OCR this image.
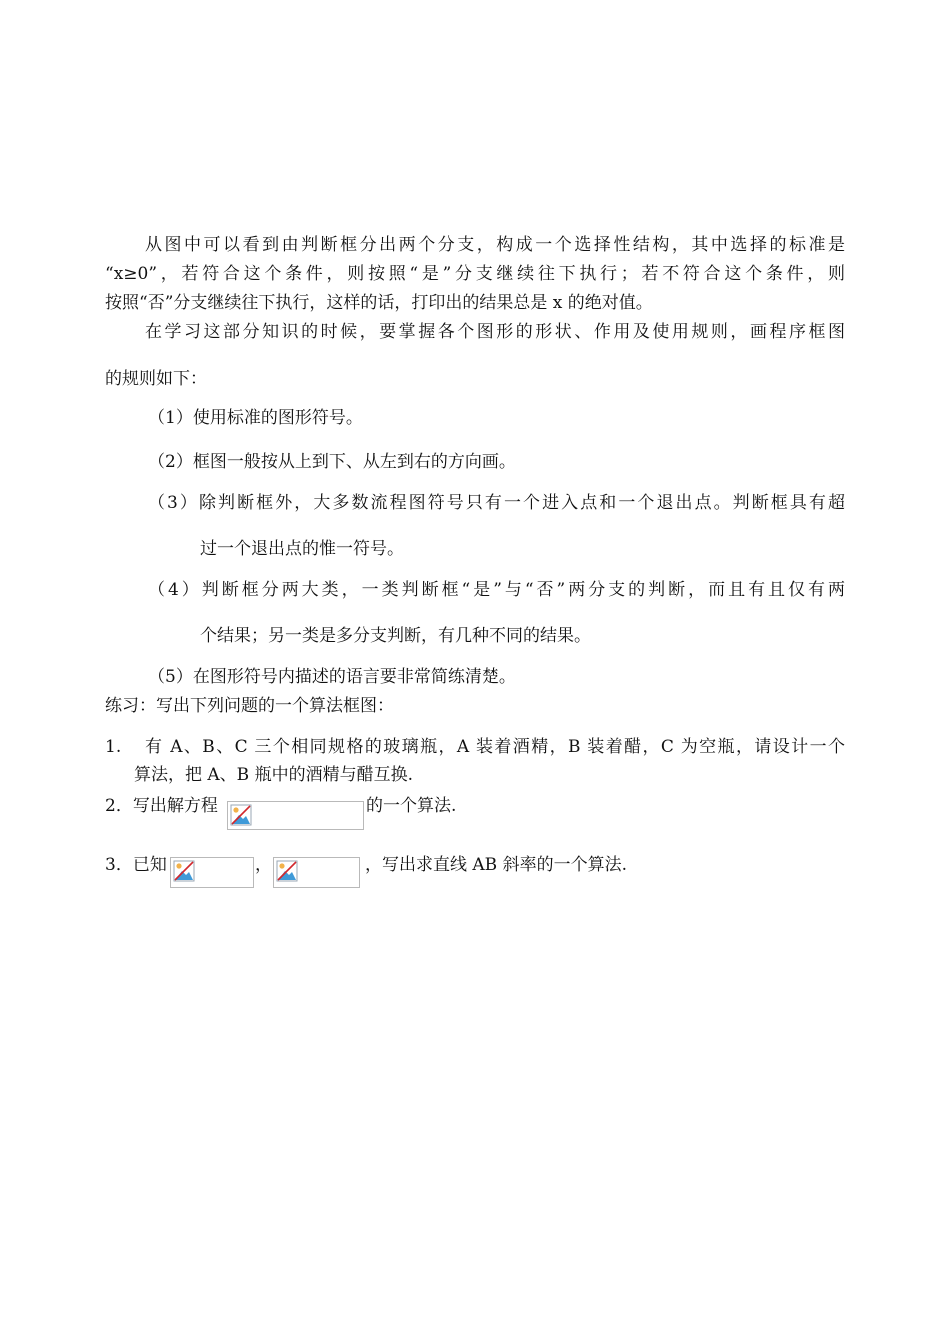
从图中可以看到由判断框分出两个分支，构成一个选择性结构，其中选择的标准是
“x≥0”，若符合这个条件，则按照“是”分支继续往下执行；若不符合这个条件，则
按照“否”分支继续往下执行，这样的话，打印出的结果总是 x 的绝对值。
在学习这部分知识的时候，要掌握各个图形的形状、作用及使用规则，画程序框图
的规则如下：
（1）使用标准的图形符号。
（2）框图一般按从上到下、从左到右的方向画。
（3）除判断框外，大多数流程图符号只有一个进入点和一个退出点。判断框具有超
过一个退出点的惟一符号。
（4）判断框分两大类，一类判断框“是”与“否”两分支的判断，而且有且仅有两
个结果；另一类是多分支判断，有几种不同的结果。
（5）在图形符号内描述的语言要非常简练清楚。
练习：写出下列问题的一个算法框图：
1. 有 A、B、C 三个相同规格的玻璃瓶，A 装着酒精，B 装着醋，C 为空瓶，请设计一个
算法，把 A、B 瓶中的酒精与醋互换.
2．写出解方程	的一个算法.
3．已知	，	，写出求直线 AB 斜率的一个算法.
